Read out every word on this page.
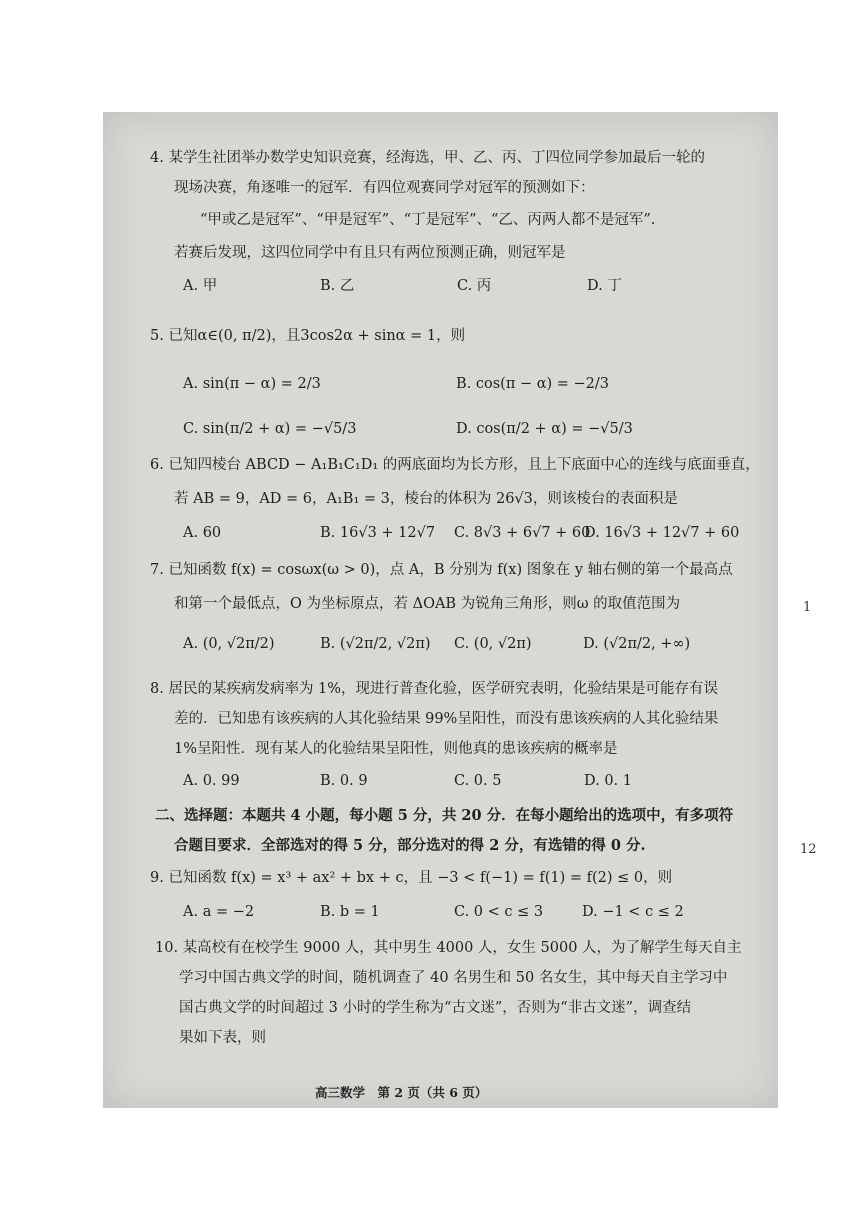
4. 某学生社团举办数学史知识竞赛，经海选，甲、乙、丙、丁四位同学参加最后一轮的
现场决赛，角逐唯一的冠军．有四位观赛同学对冠军的预测如下：
“甲或乙是冠军”、“甲是冠军”、“丁是冠军”、“乙、丙两人都不是冠军”.
若赛后发现，这四位同学中有且只有两位预测正确，则冠军是
A. 甲	B. 乙	C. 丙	D. 丁
5. 已知α∈(0, π/2)，且3cos2α + sinα = 1，则
A. sin(π − α) = 2/3	B. cos(π − α) = −2/3
C. sin(π/2 + α) = −√5/3	D. cos(π/2 + α) = −√5/3
6. 已知四棱台 ABCD − A₁B₁C₁D₁ 的两底面均为长方形，且上下底面中心的连线与底面垂直，
若 AB = 9，AD = 6，A₁B₁ = 3，棱台的体积为 26√3，则该棱台的表面积是
A. 60	B. 16√3 + 12√7 C. 8√3 + 6√7 + 60
D. 16√3 + 12√7 + 60
7. 已知函数 f(x) = cosωx(ω > 0)，点 A，B 分别为 f(x) 图象在 y 轴右侧的第一个最高点
和第一个最低点，O 为坐标原点，若 ΔOAB 为锐角三角形，则ω 的取值范围为
A. (0, √2π/2)	B. (√2π/2, √2π) C. (0, √2π)	D. (√2π/2, +∞)
8. 居民的某疾病发病率为 1%，现进行普查化验，医学研究表明，化验结果是可能存有误
差的．已知患有该疾病的人其化验结果 99%呈阳性，而没有患该疾病的人其化验结果
1%呈阳性．现有某人的化验结果呈阳性，则他真的患该疾病的概率是
A. 0. 99	B. 0. 9	C. 0. 5	D. 0. 1
二、选择题：本题共 4 小题，每小题 5 分，共 20 分．在每小题给出的选项中，有多项符
合题目要求．全部选对的得 5 分，部分选对的得 2 分，有选错的得 0 分.
9. 已知函数 f(x) = x³ + ax² + bx + c，且 −3 < f(−1) = f(1) = f(2) ≤ 0，则
A. a = −2	B. b = 1	C. 0 < c ≤ 3	D. −1 < c ≤ 2
10. 某高校有在校学生 9000 人，其中男生 4000 人，女生 5000 人，为了解学生每天自主
学习中国古典文学的时间，随机调查了 40 名男生和 50 名女生，其中每天自主学习中
国古典文学的时间超过 3 小时的学生称为“古文迷”，否则为“非古文迷”，调查结
果如下表，则
高三数学　第 2 页（共 6 页）
1
12
